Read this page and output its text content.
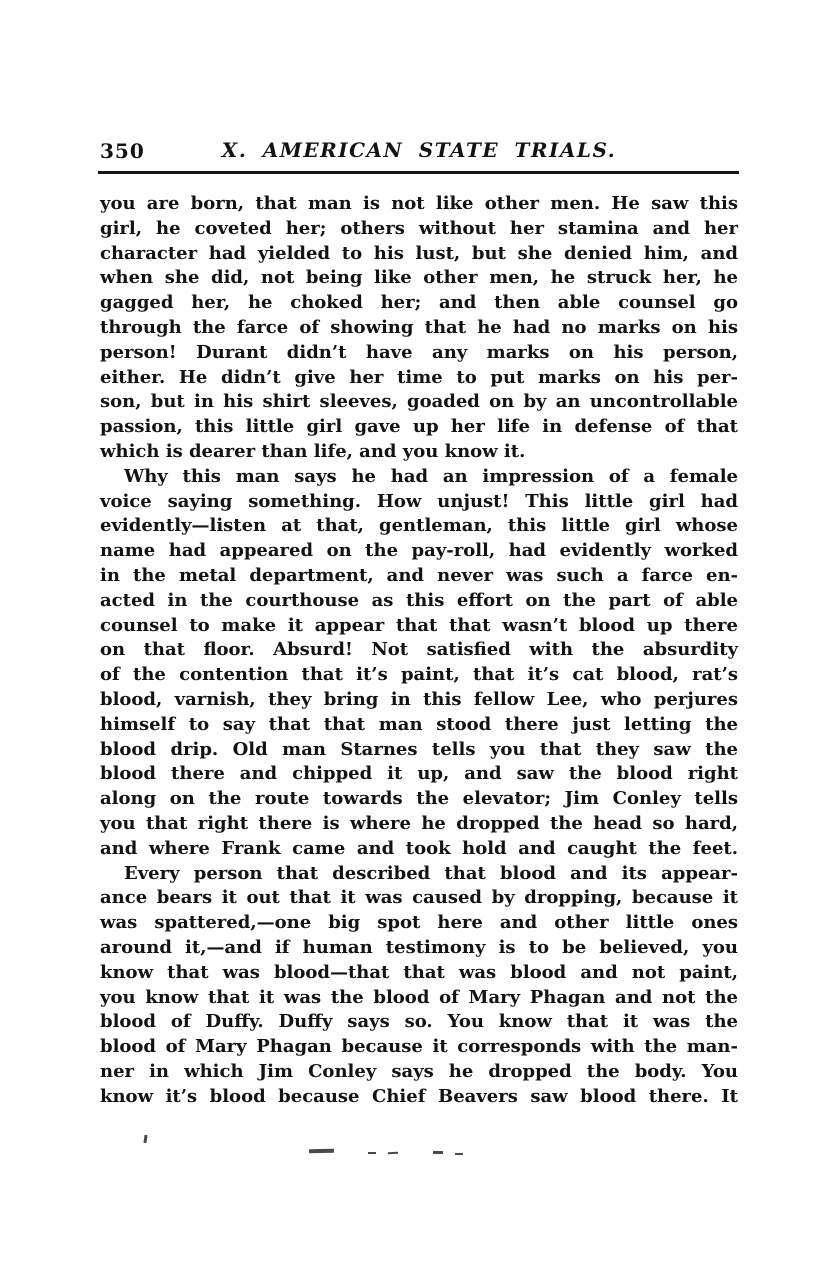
350	X. AMERICAN STATE TRIALS.
you are born, that man is not like other men. He saw this
girl, he coveted her; others without her stamina and her
character had yielded to his lust, but she denied him, and
when she did, not being like other men, he struck her, he
gagged her, he choked her; and then able counsel go
through the farce of showing that he had no marks on his
person! Durant didn’t have any marks on his person,
either. He didn’t give her time to put marks on his per-
son, but in his shirt sleeves, goaded on by an uncontrollable
passion, this little girl gave up her life in defense of that
which is dearer than life, and you know it.
Why this man says he had an impression of a female
voice saying something. How unjust! This little girl had
evidently—listen at that, gentleman, this little girl whose
name had appeared on the pay-roll, had evidently worked
in the metal department, and never was such a farce en-
acted in the courthouse as this effort on the part of able
counsel to make it appear that that wasn’t blood up there
on that floor. Absurd! Not satisfied with the absurdity
of the contention that it’s paint, that it’s cat blood, rat’s
blood, varnish, they bring in this fellow Lee, who perjures
himself to say that that man stood there just letting the
blood drip. Old man Starnes tells you that they saw the
blood there and chipped it up, and saw the blood right
along on the route towards the elevator; Jim Conley tells
you that right there is where he dropped the head so hard,
and where Frank came and took hold and caught the feet.
Every person that described that blood and its appear-
ance bears it out that it was caused by dropping, because it
was spattered,—one big spot here and other little ones
around it,—and if human testimony is to be believed, you
know that was blood—that that was blood and not paint,
you know that it was the blood of Mary Phagan and not the
blood of Duffy. Duffy says so. You know that it was the
blood of Mary Phagan because it corresponds with the man-
ner in which Jim Conley says he dropped the body. You
know it’s blood because Chief Beavers saw blood there. It
